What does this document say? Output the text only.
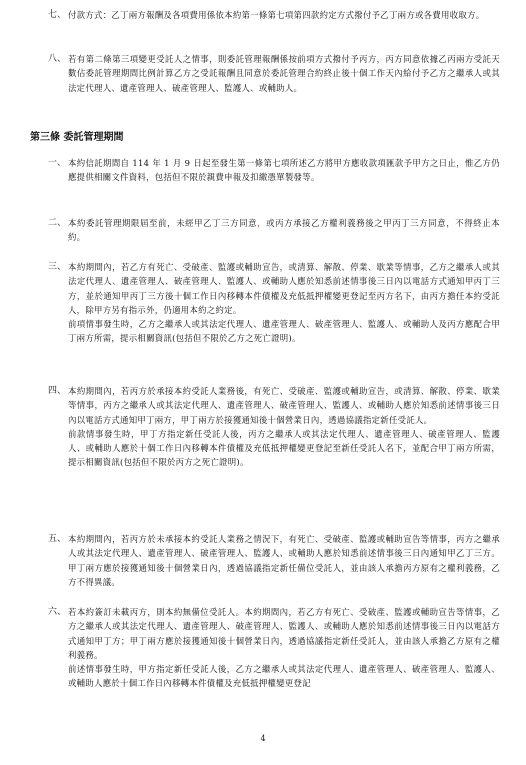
七、 付款方式：乙丁兩方報酬及各項費用係依本約第一條第七項第四款約定方式撥付予乙丁兩方或各費用收取方。
八、 若有第二條第三項變更受託人之情事，則委託管理報酬係按前項方式撥付予丙方，丙方同意依據乙丙兩方受託天數佔委託管理期間比例計算乙方之受託報酬且同意於委託管理合約終止後十個工作天內給付予乙方之繼承人或其法定代理人、遺產管理人、破產管理人、監護人、或輔助人。
第三條 委託管理期間
一、 本約信託期間自 114 年 1 月 9 日起至發生第一條第七項所述乙方將甲方應收款項匯款予甲方之日止，惟乙方仍應提供相關文件資料，包括但不限於親費申報及扣繳憑單製發等。
二、 本約委託管理期限屆至前，未經甲乙丁三方同意，或丙方承接乙方權利義務後之甲丙丁三方同意，不得終止本約。
三、 本約期間內，若乙方有死亡、受破產、監護或輔助宣告，或清算、解散、停業、歇業等情事，乙方之繼承人或其法定代理人、遺產管理人、破產管理人、監護人、或輔助人應於知悉前述情事後三日內以電話方式通知甲丙丁三方，並於通知甲丙丁三方後十個工作日內移轉本件債權及充低抵押權變更登記至丙方名下，由丙方擔任本約受託人，除甲方另有指示外，仍適用本約之約定。
前項情事發生時，乙方之繼承人或其法定代理人、遺產管理人、破產管理人、監護人、或輔助人及丙方應配合甲丁兩方所需，提示相關資訊(包括但不限於乙方之死亡證明)。
四、 本約期間內，若丙方於承接本約受託人業務後，有死亡、受破產、監護或輔助宣告，或清算、解散、停業、歇業等情事，丙方之繼承人或其法定代理人、遺產管理人、破產管理人、監護人、或輔助人應於知悉前述情事後三日內以電話方式通知甲丁兩方，甲丁兩方於接獲通知後十個營業日內，透過協議指定新任受託人。
前款情事發生時，甲丁方指定新任受託人後，丙方之繼承人或其法定代理人、遺產管理人、破產管理人、監護人、或輔助人應於十個工作日內移轉本件債權及充低抵押權變更登記至新任受託人名下，並配合甲丁兩方所需，提示相關資訊(包括但不限於丙方之死亡證明)。
五、 本約期間內，若丙方於未承接本約受託人業務之情況下，有死亡、受破產、監護或輔助宣告等情事，丙方之繼承人或其法定代理人、遺產管理人、破產管理人、監護人、或輔助人應於知悉前述情事後三日內通知甲乙丁三方。甲丁兩方應於接獲通知後十個營業日內，透過協議指定新任備位受託人，並由該人承擔丙方原有之權利義務，乙方不得異議。
六、 若本約簽訂未載丙方，則本約無備位受託人。本約期間內，若乙方有死亡、受破產、監護或輔助宣告等情事，乙方之繼承人或其法定代理人、遺產管理人、破產管理人、監護人、或輔助人應於知悉前述情事後三日內以電話方式通知甲丁方；甲丁兩方應於接獲通知後十個營業日內，透過協議指定新任受託人，並由該人承擔乙方原有之權利義務。
前述情事發生時，甲方指定新任受託人後，乙方之繼承人或其法定代理人、遺產管理人、破產管理人、監護人、或輔助人應於十個工作日內移轉本件債權及充低抵押權變更登記
4
